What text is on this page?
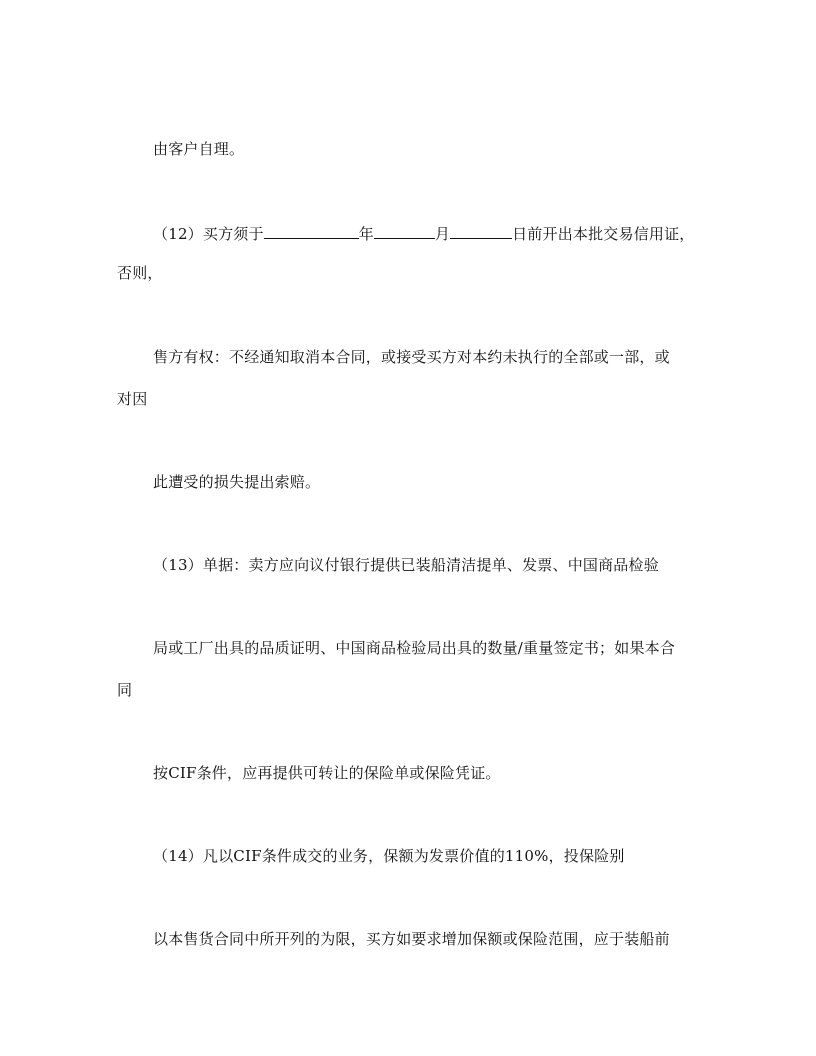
由客户自理。
（12）买方须于	年	月	日前开出本批交易信用证，
否则，
售方有权：不经通知取消本合同，或接受买方对本约未执行的全部或一部，或
对因
此遭受的损失提出索赔。
（13）单据：卖方应向议付银行提供已装船清洁提单、发票、中国商品检验
局或工厂出具的品质证明、中国商品检验局出具的数量/重量签定书；如果本合
同
按CIF条件，应再提供可转让的保险单或保险凭证。
（14）凡以CIF条件成交的业务，保额为发票价值的110%，投保险别
以本售货合同中所开列的为限，买方如要求增加保额或保险范围，应于装船前
